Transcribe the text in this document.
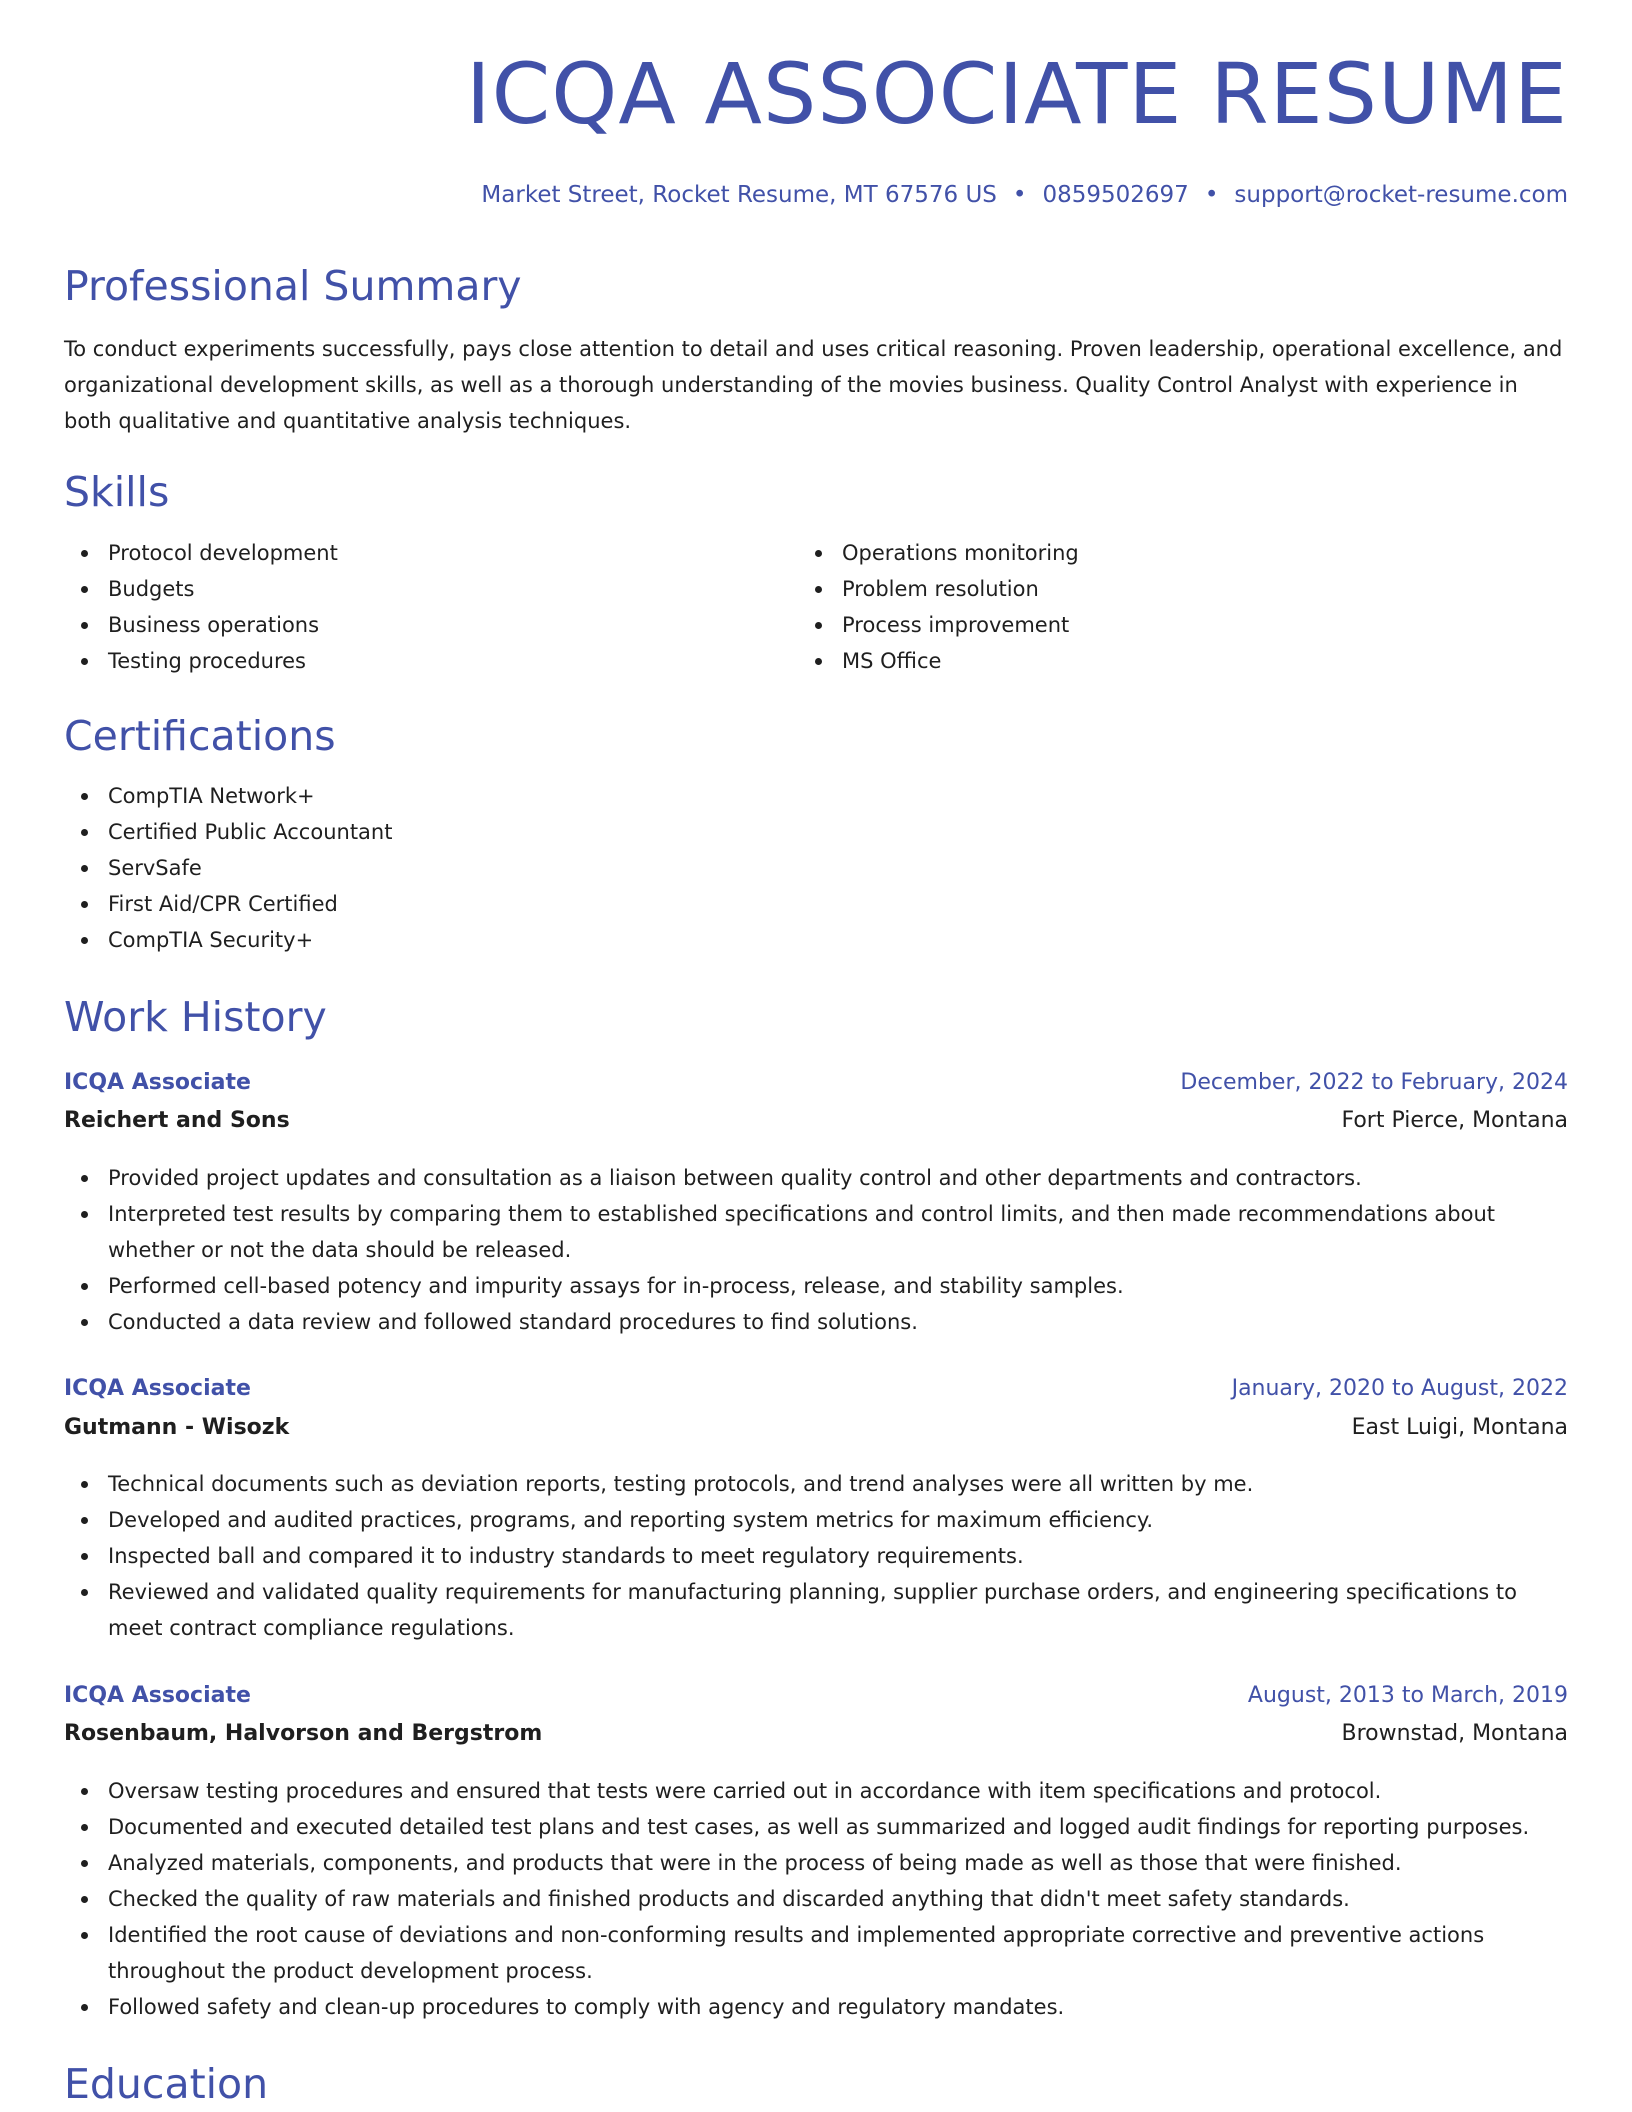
ICQA ASSOCIATE RESUME
Market Street, Rocket Resume, MT 67576 US • 0859502697 • support@rocket-resume.com
Professional Summary

To conduct experiments successfully, pays close attention to detail and uses critical reasoning. Proven leadership, operational excellence, and organizational development skills, as well as a thorough understanding of the movies business. Quality Control Analyst with experience in both qualitative and quantitative analysis techniques.

Skills
Protocol development
Budgets
Business operations
Testing procedures
Operations monitoring
Problem resolution
Process improvement
MS Office
Certifications
CompTIA Network+
Certified Public Accountant
ServSafe
First Aid/CPR Certified
CompTIA Security+
Work History
ICQA Associate	December, 2022 to February, 2024
Reichert and Sons	Fort Pierce, Montana
Provided project updates and consultation as a liaison between quality control and other departments and contractors.
Interpreted test results by comparing them to established specifications and control limits, and then made recommendations about whether or not the data should be released.
Performed cell-based potency and impurity assays for in-process, release, and stability samples.
Conducted a data review and followed standard procedures to find solutions.
ICQA Associate	January, 2020 to August, 2022
Gutmann - Wisozk	East Luigi, Montana
Technical documents such as deviation reports, testing protocols, and trend analyses were all written by me.
Developed and audited practices, programs, and reporting system metrics for maximum efficiency.
Inspected ball and compared it to industry standards to meet regulatory requirements.
Reviewed and validated quality requirements for manufacturing planning, supplier purchase orders, and engineering specifications to meet contract compliance regulations.
ICQA Associate	August, 2013 to March, 2019
Rosenbaum, Halvorson and Bergstrom	Brownstad, Montana
Oversaw testing procedures and ensured that tests were carried out in accordance with item specifications and protocol.
Documented and executed detailed test plans and test cases, as well as summarized and logged audit findings for reporting purposes.
Analyzed materials, components, and products that were in the process of being made as well as those that were finished.
Checked the quality of raw materials and finished products and discarded anything that didn't meet safety standards.
Identified the root cause of deviations and non-conforming results and implemented appropriate corrective and preventive actions throughout the product development process.
Followed safety and clean-up procedures to comply with agency and regulatory mandates.
Education
